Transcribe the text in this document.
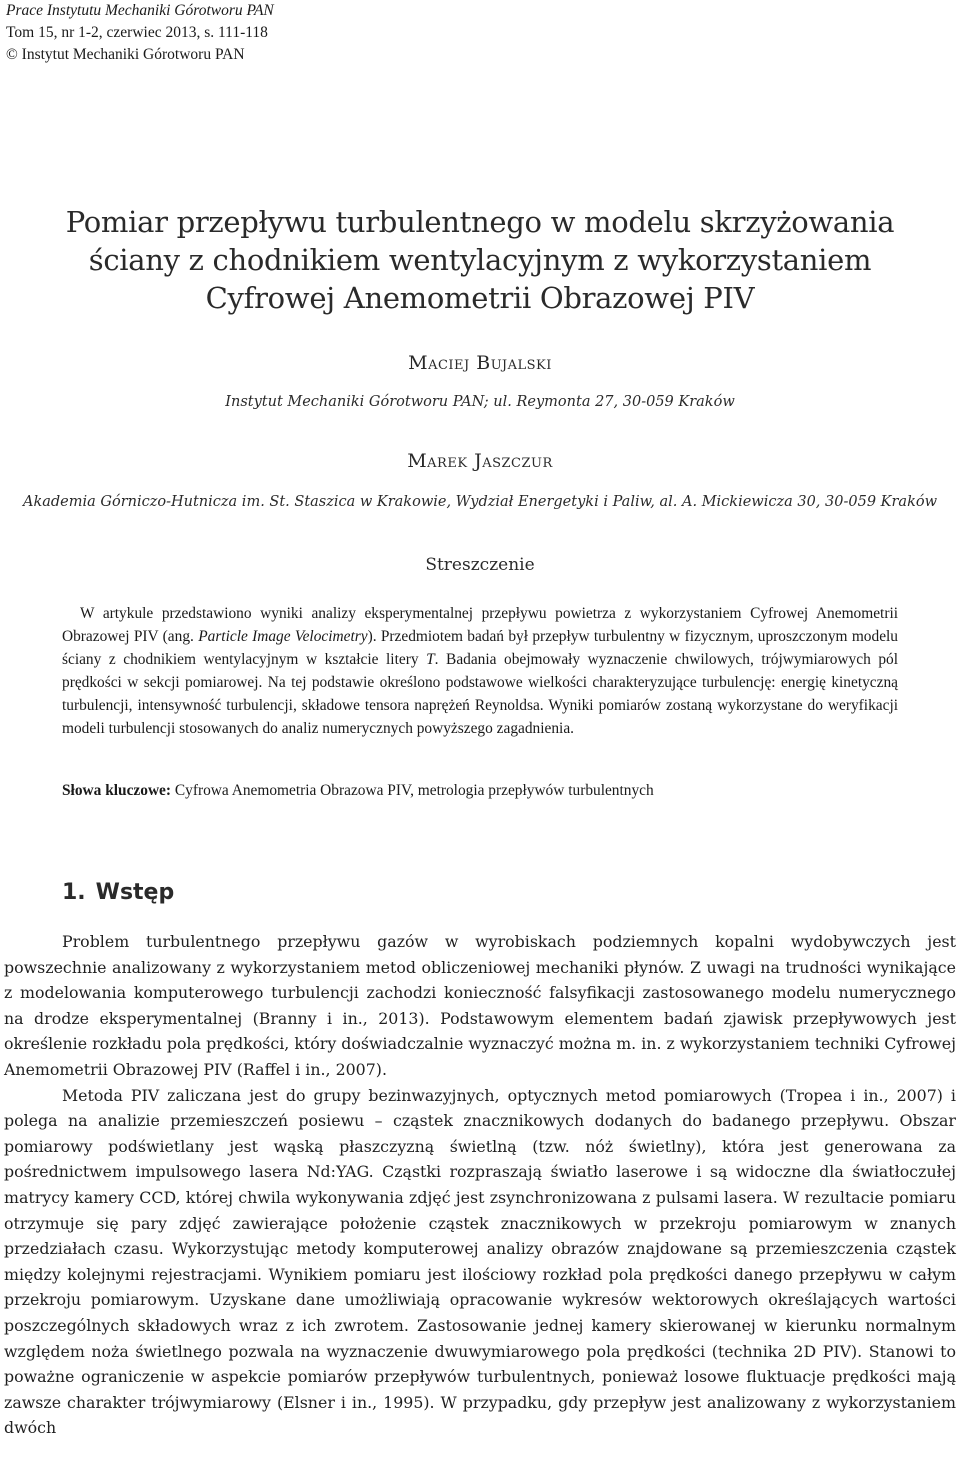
Prace Instytutu Mechaniki Górotworu PAN
Tom 15, nr 1-2, czerwiec 2013, s. 111-118
© Instytut Mechaniki Górotworu PAN
Pomiar przepływu turbulentnego w modelu skrzyżowania
ściany z chodnikiem wentylacyjnym z wykorzystaniem
Cyfrowej Anemometrii Obrazowej PIV
Maciej Bujalski
Instytut Mechaniki Górotworu PAN; ul. Reymonta 27, 30-059 Kraków
Marek Jaszczur
Akademia Górniczo-Hutnicza im. St. Staszica w Krakowie, Wydział Energetyki i Paliw, al. A. Mickiewicza 30, 30-059 Kraków
Streszczenie
W artykule przedstawiono wyniki analizy eksperymentalnej przepływu powietrza z wykorzystaniem Cyfrowej Anemometrii Obrazowej PIV (ang. Particle Image Velocimetry). Przedmiotem badań był przepływ turbulentny w fizycznym, uproszczonym modelu ściany z chodnikiem wentylacyjnym w kształcie litery T. Badania obejmowały wyznaczenie chwilowych, trójwymiarowych pól prędkości w sekcji pomiarowej. Na tej podstawie określono podstawowe wielkości charakteryzujące turbulencję: energię kinetyczną turbulencji, intensywność turbulencji, składowe tensora naprężeń Reynoldsa. Wyniki pomiarów zostaną wykorzystane do weryfikacji modeli turbulencji stosowanych do analiz numerycznych powyższego zagadnienia.
Słowa kluczowe: Cyfrowa Anemometria Obrazowa PIV, metrologia przepływów turbulentnych
1. Wstęp

Problem turbulentnego przepływu gazów w wyrobiskach podziemnych kopalni wydobywczych jest powszechnie analizowany z wykorzystaniem metod obliczeniowej mechaniki płynów. Z uwagi na trudności wynikające z modelowania komputerowego turbulencji zachodzi konieczność falsyfikacji zastosowanego modelu numerycznego na drodze eksperymentalnej (Branny i in., 2013). Podstawowym elementem badań zjawisk przepływowych jest określenie rozkładu pola prędkości, który doświadczalnie wyznaczyć można m. in. z wykorzystaniem techniki Cyfrowej Anemometrii Obrazowej PIV (Raffel i in., 2007).

Metoda PIV zaliczana jest do grupy bezinwazyjnych, optycznych metod pomiarowych (Tropea i in., 2007) i polega na analizie przemieszczeń posiewu – cząstek znacznikowych dodanych do badanego przepływu. Obszar pomiarowy podświetlany jest wąską płaszczyzną świetlną (tzw. nóż świetlny), która jest generowana za pośrednictwem impulsowego lasera Nd:YAG. Cząstki rozpraszają światło laserowe i są widoczne dla światłoczułej matrycy kamery CCD, której chwila wykonywania zdjęć jest zsynchronizowana z pulsami lasera. W rezultacie pomiaru otrzymuje się pary zdjęć zawierające położenie cząstek znacznikowych w przekroju pomiarowym w znanych przedziałach czasu. Wykorzystując metody komputerowej analizy obrazów znajdowane są przemieszczenia cząstek między kolejnymi rejestracjami. Wynikiem pomiaru jest ilościowy rozkład pola prędkości danego przepływu w całym przekroju pomiarowym. Uzyskane dane umożliwiają opracowanie wykresów wektorowych określających wartości poszczególnych składowych wraz z ich zwrotem. Zastosowanie jednej kamery skierowanej w kierunku normalnym względem noża świetlnego pozwala na wyznaczenie dwuwymiarowego pola prędkości (technika 2D PIV). Stanowi to poważne ograniczenie w aspekcie pomiarów przepływów turbulentnych, ponieważ losowe fluktuacje prędkości mają zawsze charakter trójwymiarowy (Elsner i in., 1995). W przypadku, gdy przepływ jest analizowany z wykorzystaniem dwóch
